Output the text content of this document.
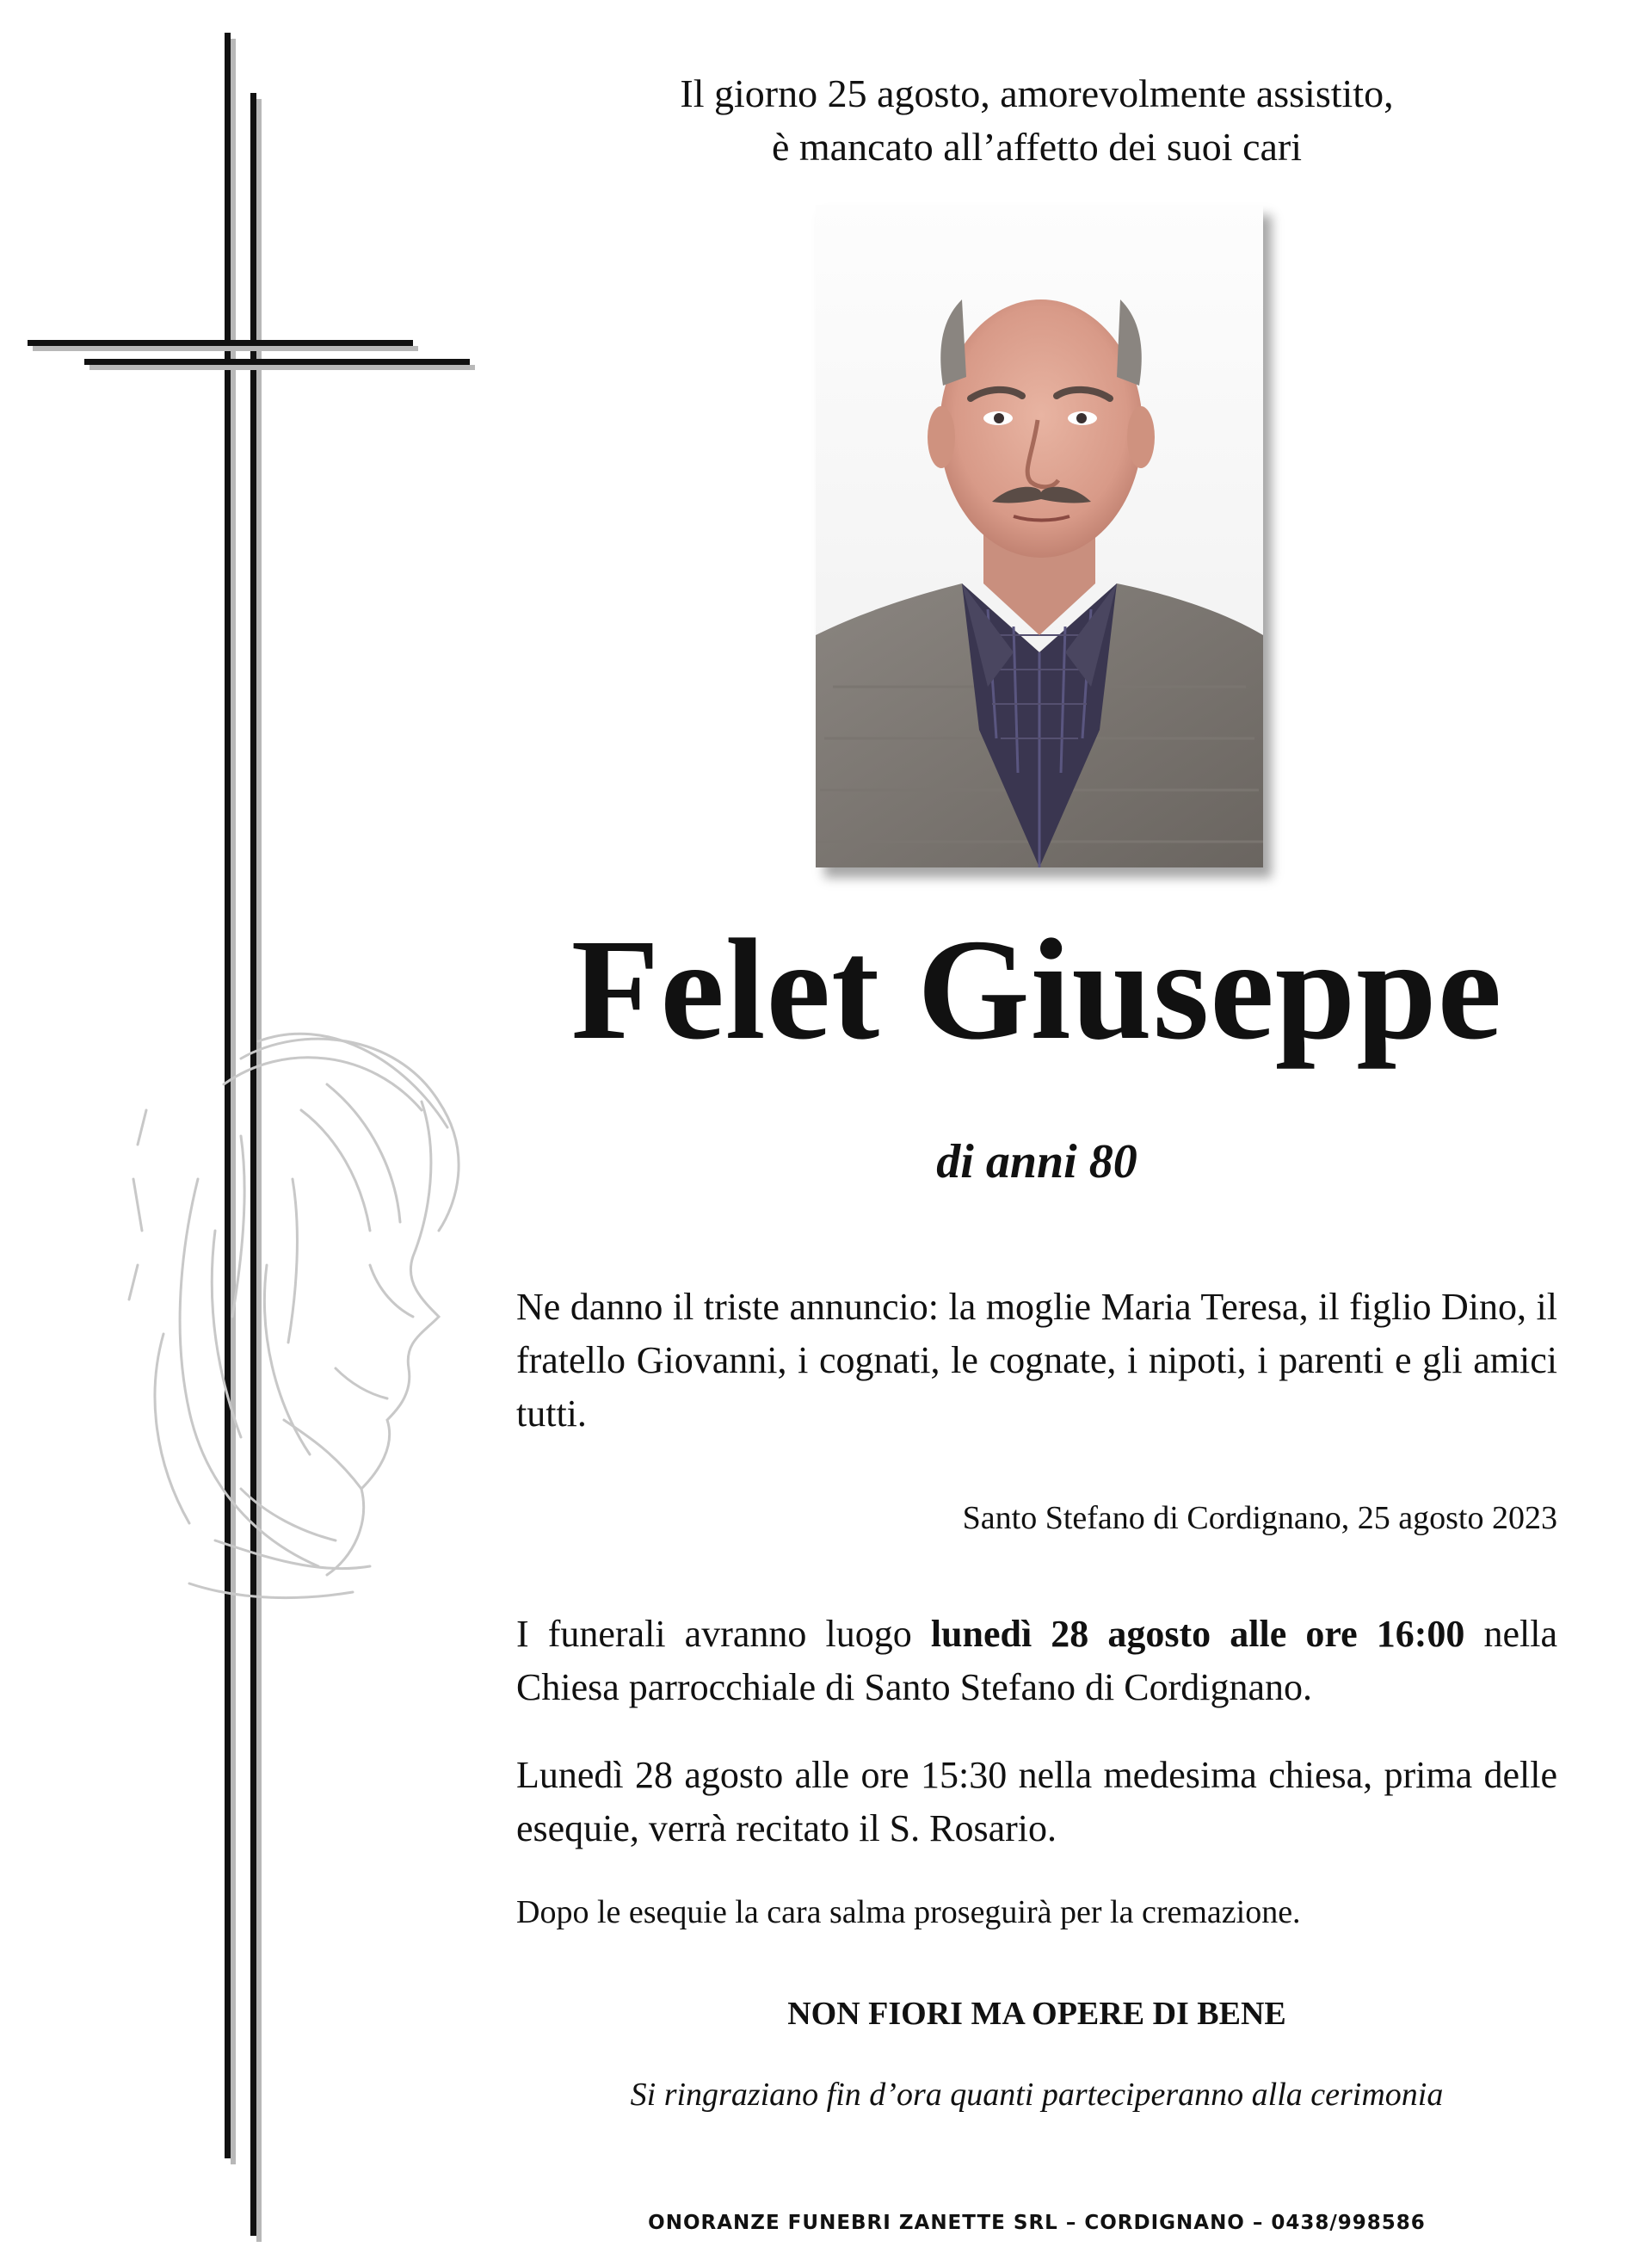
Il giorno 25 agosto, amorevolmente assistito,
è mancato all’affetto dei suoi cari
Felet Giuseppe
di anni 80
Ne danno il triste annuncio: la moglie Maria Teresa, il figlio Dino, il fratello Giovanni, i cognati, le cognate, i nipoti, i parenti e gli amici tutti.
Santo Stefano di Cordignano, 25 agosto 2023
I funerali avranno luogo lunedì 28 agosto alle ore 16:00 nella Chiesa parrocchiale di Santo Stefano di Cordignano.
Lunedì 28 agosto alle ore 15:30 nella medesima chiesa, prima delle esequie, verrà recitato il S. Rosario.
Dopo le esequie la cara salma proseguirà per la cremazione.
NON FIORI MA OPERE DI BENE
Si ringraziano fin d’ora quanti parteciperanno alla cerimonia
ONORANZE FUNEBRI ZANETTE SRL – CORDIGNANO – 0438/998586
